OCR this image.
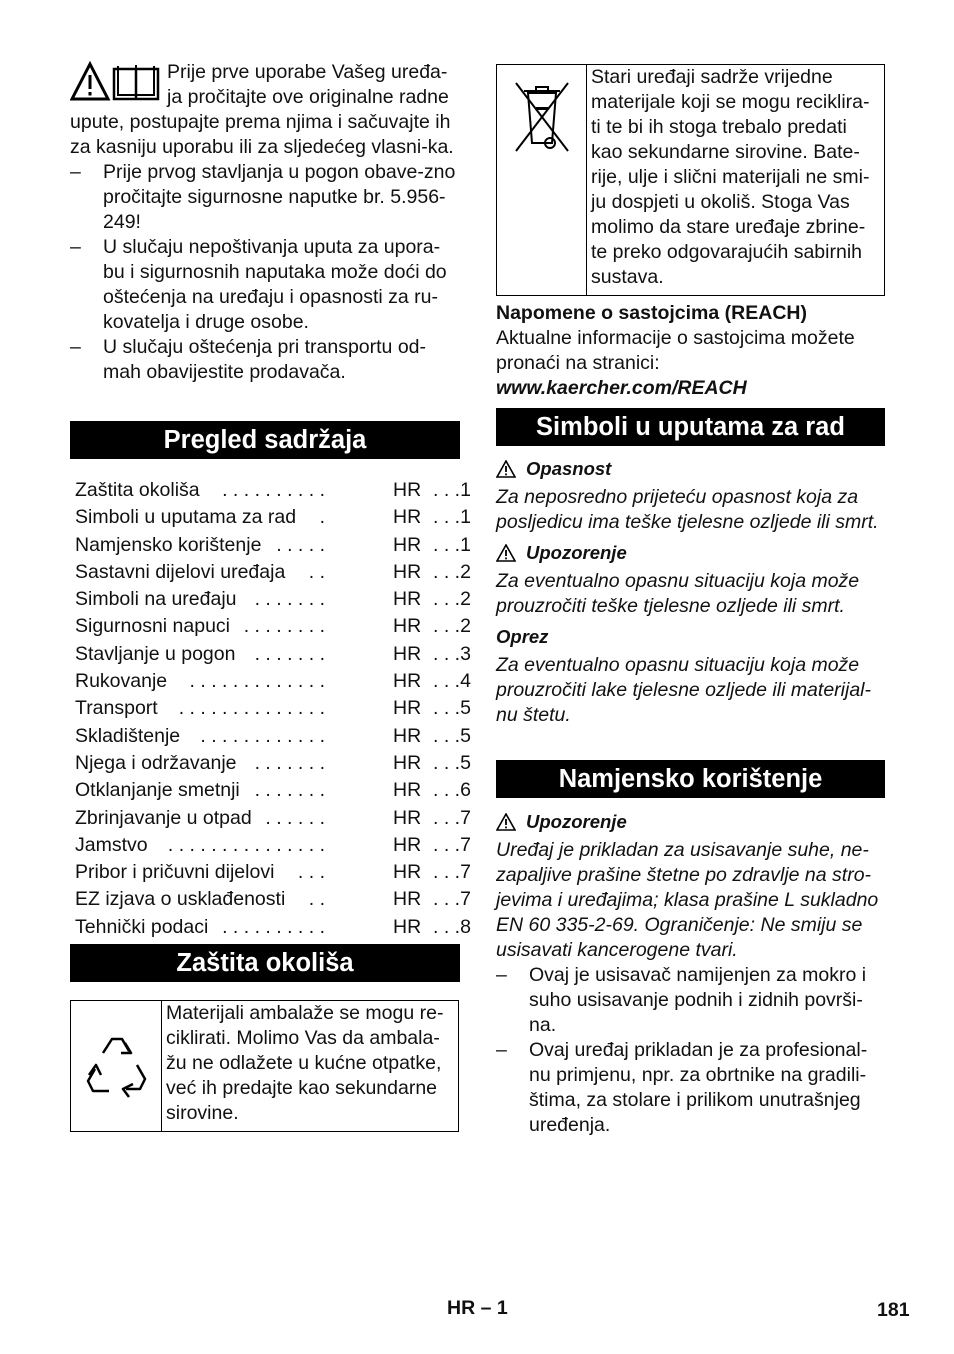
Prije prve uporabe Vašeg uređa-ja pročitajte ove originalne radne upute, postupajte prema njima i sačuvajte ih za kasniju uporabu ili za sljedećeg vlasni-ka.

– Prije prvog stavljanja u pogon obave-zno pročitajte sigurnosne naputke br. 5.956-249!
– U slučaju nepoštivanja uputa za upora-bu i sigurnosnih naputaka može doći do oštećenja na uređaju i opasnosti za ru-kovatelja i druge osobe.
– U slučaju oštećenja pri transportu od-mah obavijestite prodavača.
Pregled sadržaja
Zaštita okoliša	. . . . . . . . . .	HR . . .1
Simboli u uputama za rad	.	HR . . .1
Namjensko korištenje . . . . .	HR . . .1
Sastavni dijelovi uređaja	. .	HR . . .2
Simboli na uređaju . . . . . . .	HR . . .2
Sigurnosni napuci . . . . . . . .	HR . . .2
Stavljanje u pogon . . . . . . .	HR . . .3
Rukovanje	. . . . . . . . . . . . .	HR . . .4
Transport	. . . . . . . . . . . . . .	HR . . .5
Skladištenje	. . . . . . . . . . . .	HR . . .5
Njega i održavanje . . . . . . .	HR . . .5
Otklanjanje smetnji . . . . . . .	HR . . .6
Zbrinjavanje u otpad . . . . . .	HR . . .7
Jamstvo	. . . . . . . . . . . . . . .	HR . . .7
Pribor i pričuvni dijelovi	. . .	HR . . .7
EZ izjava o usklađenosti	. .	HR . . .7
Tehnički podaci . . . . . . . . . .	HR . . .8
Zaštita okoliša
Materijali ambalaže se mogu re-ciklirati. Molimo Vas da ambala-žu ne odlažete u kućne otpatke, već ih predajte kao sekundarne sirovine.
Stari uređaji sadrže vrijedne materijale koji se mogu reciklira-ti te bi ih stoga trebalo predati kao sekundarne sirovine. Bate-rije, ulje i slični materijali ne smi-ju dospjeti u okoliš. Stoga Vas molimo da stare uređaje zbrine-te preko odgovarajućih sabirnih sustava.
Napomene o sastojcima (REACH)
Aktualne informacije o sastojcima možete pronaći na stranici:
www.kaercher.com/REACH
Simboli u uputama za rad
Opasnost
Za neposredno prijeteću opasnost koja za posljedicu ima teške tjelesne ozljede ili smrt.
Upozorenje
Za eventualno opasnu situaciju koja može prouzročiti teške tjelesne ozljede ili smrt.
Oprez
Za eventualno opasnu situaciju koja može prouzročiti lake tjelesne ozljede ili materijal-nu štetu.
Namjensko korištenje
Upozorenje
Uređaj je prikladan za usisavanje suhe, ne-zapaljive prašine štetne po zdravlje na stro-jevima i uređajima; klasa prašine L sukladno EN 60 335-2-69. Ograničenje: Ne smiju se usisavati kancerogene tvari.
– Ovaj je usisavač namijenjen za mokro i suho usisavanje podnih i zidnih površi-na.
– Ovaj uređaj prikladan je za profesional-nu primjenu, npr. za obrtnike na gradili-štima, za stolare i prilikom unutrašnjeg uređenja.
HR – 1	181
